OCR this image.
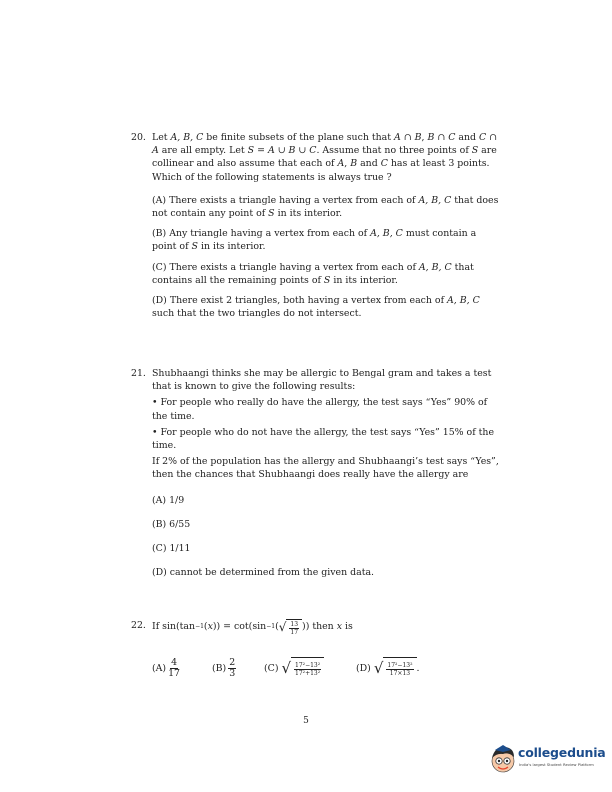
20. Let A, B, C be finite subsets of the plane such that A ∩ B, B ∩ C and C ∩ A are all empty. Let S = A ∪ B ∪ C. Assume that no three points of S are collinear and also assume that each of A, B and C has at least 3 points. Which of the following statements is always true ?
(A) There exists a triangle having a vertex from each of A, B, C that does not contain any point of S in its interior.
(B) Any triangle having a vertex from each of A, B, C must contain a point of S in its interior.
(C) There exists a triangle having a vertex from each of A, B, C that contains all the remaining points of S in its interior.
(D) There exist 2 triangles, both having a vertex from each of A, B, C such that the two triangles do not intersect.
21. Shubhaangi thinks she may be allergic to Bengal gram and takes a test that is known to give the following results:
• For people who really do have the allergy, the test says “Yes” 90% of the time.
• For people who do not have the allergy, the test says “Yes” 15% of the time.
If 2% of the population has the allergy and Shubhaangi’s test says “Yes”, then the chances that Shubhaangi does really have the allergy are
(A) 1/9
(B) 6/55
(C) 1/11
(D) cannot be determined from the given data.
22. If sin(tan −1 ( x )) = cot(sin −1 ( √ $\frac{13}{17}$ )) then x is
$(A) \frac{4}{17}$	$(B) \frac{2}{3}$	(C)
√ $\frac{\text{17²−13²}}{\text{17²+13²}}$	(D)
√ $\frac{\text{17²−13²}}{17\times 13}$ .
5
collegedunia
India's largest Student Review Platform
